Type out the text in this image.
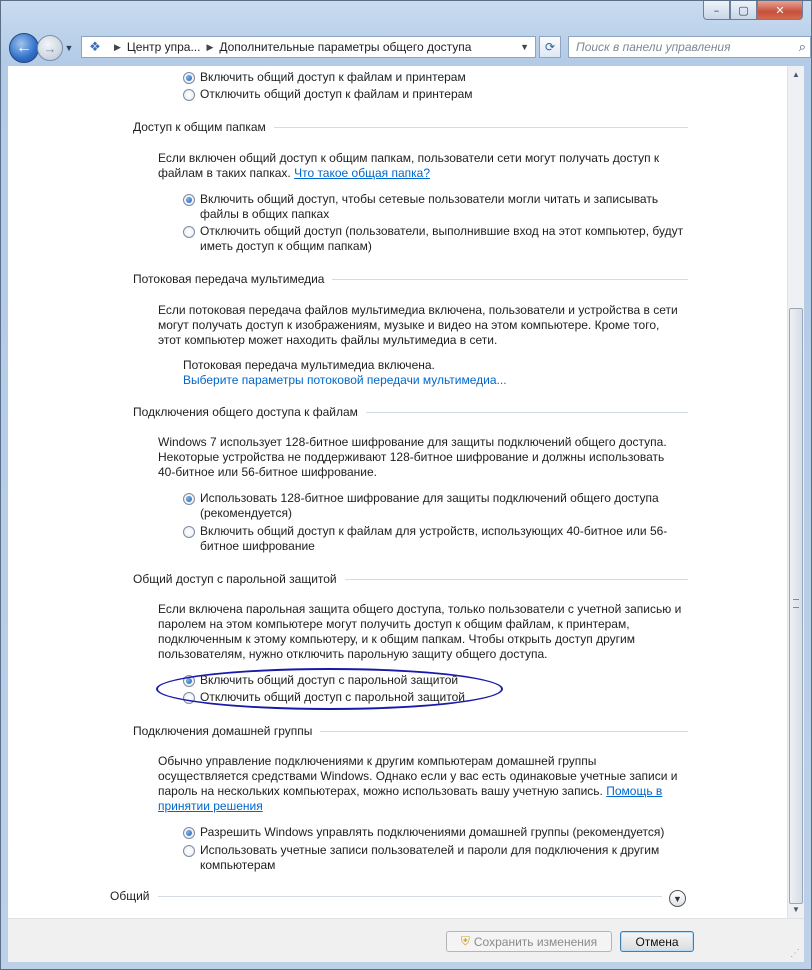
–	▢	✕
← → ▼ ❖	▶ Центр упра... ▶ Дополнительные параметры общего доступа	▼	⟳	Поиск в панели управления	⌕
Включить общий доступ к файлам и принтерам
Отключить общий доступ к файлам и принтерам
Доступ к общим папкам
Если включен общий доступ к общим папкам, пользователи сети могут получать доступ к файлам в таких папках. Что такое общая папка?
Включить общий доступ, чтобы сетевые пользователи могли читать и записывать файлы в общих папках
Отключить общий доступ (пользователи, выполнившие вход на этот компьютер, будут иметь доступ к общим папкам)
Потоковая передача мультимедиа
Если потоковая передача файлов мультимедиа включена, пользователи и устройства в сети могут получать доступ к изображениям, музыке и видео на этом компьютере. Кроме того, этот компьютер может находить файлы мультимедиа в сети.
Потоковая передача мультимедиа включена.
Выберите параметры потоковой передачи мультимедиа...
Подключения общего доступа к файлам
Windows 7 использует 128-битное шифрование для защиты подключений общего доступа. Некоторые устройства не поддерживают 128-битное шифрование и должны использовать 40-битное или 56-битное шифрование.
Использовать 128-битное шифрование для защиты подключений общего доступа (рекомендуется)
Включить общий доступ к файлам для устройств, использующих 40-битное или 56-битное шифрование
Общий доступ с парольной защитой
Если включена парольная защита общего доступа, только пользователи с учетной записью и паролем на этом компьютере могут получить доступ к общим файлам, к принтерам, подключенным к этому компьютеру, и к общим папкам. Чтобы открыть доступ другим пользователям, нужно отключить парольную защиту общего доступа.
Включить общий доступ с парольной защитой
Отключить общий доступ с парольной защитой
Подключения домашней группы
Обычно управление подключениями к другим компьютерам домашней группы осуществляется средствами Windows. Однако если у вас есть одинаковые учетные записи и пароль на нескольких компьютерах, можно использовать вашу учетную запись. Помощь в принятии решения
Разрешить Windows управлять подключениями домашней группы (рекомендуется)
Использовать учетные записи пользователей и пароли для подключения к другим компьютерам
Общий	▼
▲
▼
⛨ Сохранить изменения	Отмена
⋰
